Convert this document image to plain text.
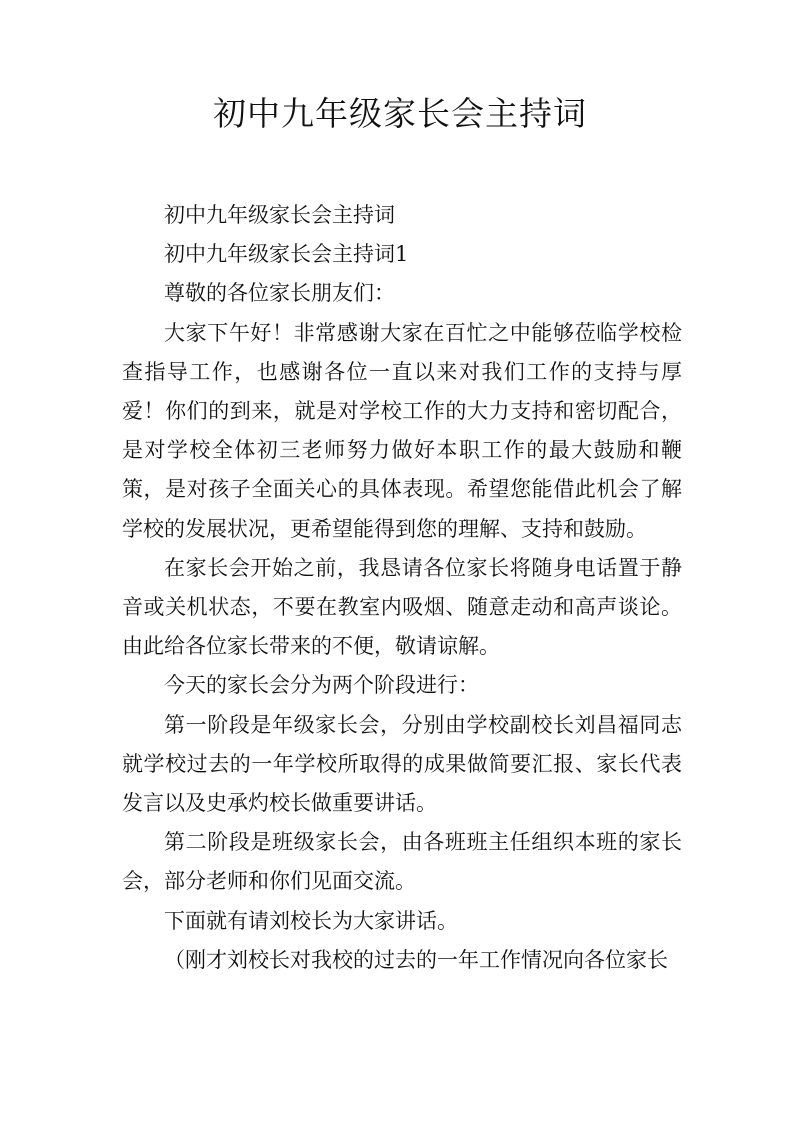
初中九年级家长会主持词

初中九年级家长会主持词

初中九年级家长会主持词1

尊敬的各位家长朋友们：

大家下午好！非常感谢大家在百忙之中能够莅临学校检查指导工作，也感谢各位一直以来对我们工作的支持与厚爱！你们的到来，就是对学校工作的大力支持和密切配合，是对学校全体初三老师努力做好本职工作的最大鼓励和鞭策，是对孩子全面关心的具体表现。希望您能借此机会了解学校的发展状况，更希望能得到您的理解、支持和鼓励。

在家长会开始之前，我恳请各位家长将随身电话置于静音或关机状态，不要在教室内吸烟、随意走动和高声谈论。由此给各位家长带来的不便，敬请谅解。

今天的家长会分为两个阶段进行：

第一阶段是年级家长会，分别由学校副校长刘昌福同志就学校过去的一年学校所取得的成果做简要汇报、家长代表发言以及史承灼校长做重要讲话。

第二阶段是班级家长会，由各班班主任组织本班的家长会，部分老师和你们见面交流。

下面就有请刘校长为大家讲话。

（刚才刘校长对我校的过去的一年工作情况向各位家长
